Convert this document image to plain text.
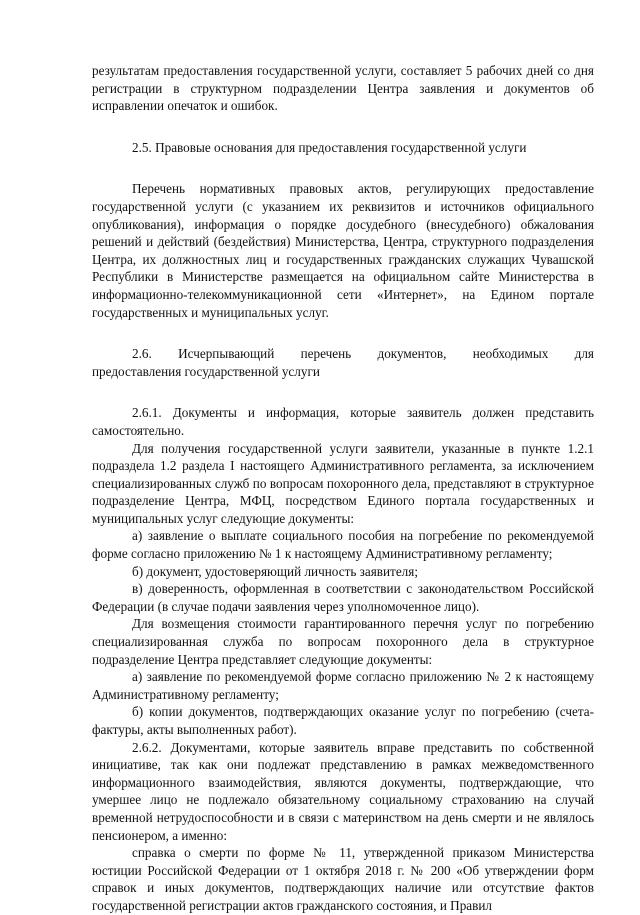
результатам предоставления государственной услуги, составляет 5 рабочих дней со дня регистрации в структурном подразделении Центра заявления и документов об исправлении опечаток и ошибок.

2.5. Правовые основания для предоставления государственной услуги

Перечень нормативных правовых актов, регулирующих предоставление государственной услуги (с указанием их реквизитов и источников официального опубликования), информация о порядке досудебного (внесудебного) обжалования решений и действий (бездействия) Министерства, Центра, структурного подразделения Центра, их должностных лиц и государственных гражданских служащих Чувашской Республики в Министерстве размещается на официальном сайте Министерства в информационно-телекоммуникационной сети «Интернет», на Едином портале государственных и муниципальных услуг.

2.6. Исчерпывающий перечень документов, необходимых для

предоставления государственной услуги

2.6.1. Документы и информация, которые заявитель должен представить самостоятельно.

Для получения государственной услуги заявители, указанные в пункте 1.2.1 подраздела 1.2 раздела I настоящего Административного регламента, за исключением специализированных служб по вопросам похоронного дела, представляют в структурное подразделение Центра, МФЦ, посредством Единого портала государственных и муниципальных услуг следующие документы:

а) заявление о выплате социального пособия на погребение по рекомендуемой форме согласно приложению № 1 к настоящему Административному регламенту;

б) документ, удостоверяющий личность заявителя;

в) доверенность, оформленная в соответствии с законодательством Российской Федерации (в случае подачи заявления через уполномоченное лицо).

Для возмещения стоимости гарантированного перечня услуг по погребению специализированная служба по вопросам похоронного дела в структурное подразделение Центра представляет следующие документы:

а) заявление по рекомендуемой форме согласно приложению № 2 к настоящему Административному регламенту;

б) копии документов, подтверждающих оказание услуг по погребению (счета-фактуры, акты выполненных работ).

2.6.2. Документами, которые заявитель вправе представить по собственной инициативе, так как они подлежат представлению в рамках межведомственного информационного взаимодействия, являются документы, подтверждающие, что умершее лицо не подлежало обязательному социальному страхованию на случай временной нетрудоспособности и в связи с материнством на день смерти и не являлось пенсионером, а именно:

справка о смерти по форме № 11, утвержденной приказом Министерства юстиции Российской Федерации от 1 октября 2018 г. № 200 «Об утверждении форм справок и иных документов, подтверждающих наличие или отсутствие фактов государственной регистрации актов гражданского состояния, и Правил
